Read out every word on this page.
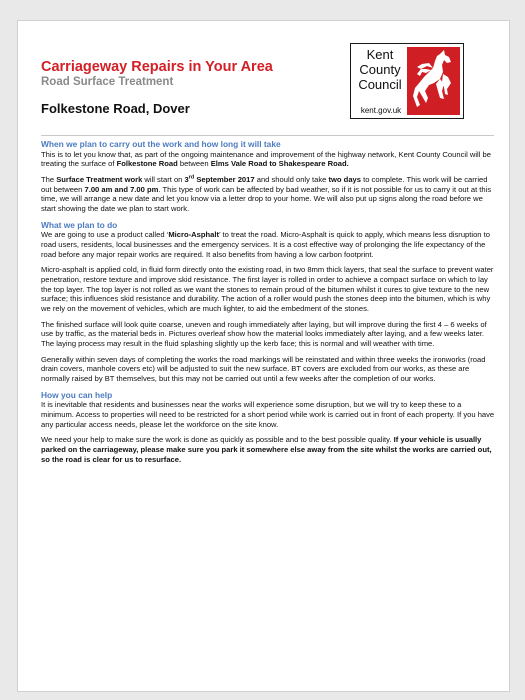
Carriageway Repairs in Your Area
Road Surface Treatment
Folkestone Road, Dover
Kent
County
Council
kent.gov.uk
When we plan to carry out the work and how long it will take

This is to let you know that, as part of the ongoing maintenance and improvement of the highway network, Kent County Council will be treating the surface of Folkestone Road between Elms Vale Road to Shakespeare Road.

The Surface Treatment work will start on 3rd September 2017 and should only take two days to complete. This work will be carried out between 7.00 am and 7.00 pm. This type of work can be affected by bad weather, so if it is not possible for us to carry it out at this time, we will arrange a new date and let you know via a letter drop to your home. We will also put up signs along the road before we start showing the date we plan to start work.

What we plan to do

We are going to use a product called ‘Micro-Asphalt’ to treat the road. Micro-Asphalt is quick to apply, which means less disruption to road users, residents, local businesses and the emergency services. It is a cost effective way of prolonging the life expectancy of the road before any major repair works are required. It also benefits from having a low carbon footprint.

Micro-asphalt is applied cold, in fluid form directly onto the existing road, in two 8mm thick layers, that seal the surface to prevent water penetration, restore texture and improve skid resistance. The first layer is rolled in order to achieve a compact surface on which to lay the top layer. The top layer is not rolled as we want the stones to remain proud of the bitumen whilst it cures to give texture to the new surface; this influences skid resistance and durability. The action of a roller would push the stones deep into the bitumen, which is why we rely on the movement of vehicles, which are much lighter, to aid the embedment of the stones.

The finished surface will look quite coarse, uneven and rough immediately after laying, but will improve during the first 4 – 6 weeks of use by traffic, as the material beds in. Pictures overleaf show how the material looks immediately after laying, and a few weeks later. The laying process may result in the fluid splashing slightly up the kerb face; this is normal and will weather with time.

Generally within seven days of completing the works the road markings will be reinstated and within three weeks the ironworks (road drain covers, manhole covers etc) will be adjusted to suit the new surface. BT covers are excluded from our works, as these are normally raised by BT themselves, but this may not be carried out until a few weeks after the completion of our works.

How you can help

It is inevitable that residents and businesses near the works will experience some disruption, but we will try to keep these to a minimum. Access to properties will need to be restricted for a short period while work is carried out in front of each property. If you have any particular access needs, please let the workforce on the site know.

We need your help to make sure the work is done as quickly as possible and to the best possible quality. If your vehicle is usually parked on the carriageway, please make sure you park it somewhere else away from the site whilst the works are carried out, so the road is clear for us to resurface.
